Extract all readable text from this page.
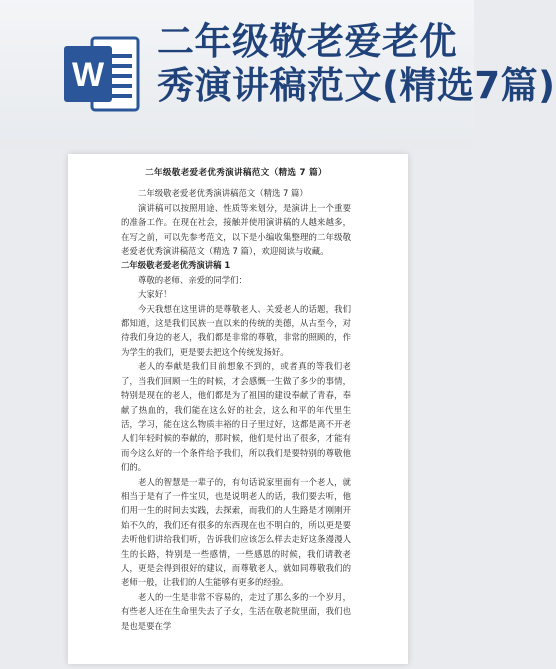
W
二年级敬老爱老优
秀演讲稿范文(精选7篇)
二年级敬老爱老优秀演讲稿范文（精选 7 篇）

二年级敬老爱老优秀演讲稿范文（精选 7 篇）

演讲稿可以按照用途、性质等来划分，是演讲上一个重要的准备工作。在现在社会，接触并使用演讲稿的人越来越多，在写之前，可以先参考范文，以下是小编收集整理的二年级敬老爱老优秀演讲稿范文（精选 7 篇），欢迎阅读与收藏。

二年级敬老爱老优秀演讲稿 1

尊敬的老师、亲爱的同学们：

大家好！

今天我想在这里讲的是尊敬老人、关爱老人的话题，我们都知道，这是我们民族一直以来的传统的美德，从古至今，对待我们身边的老人，我们都是非常的尊敬，非常的照顾的，作为学生的我们，更是要去把这个传统发扬好。

老人的奉献是我们目前想象不到的，或者真的等我们老了，当我们回顾一生的时候，才会感慨一生做了多少的事情，特别是现在的老人，他们都是为了祖国的建设奉献了青春，奉献了热血的，我们能在这么好的社会，这么和平的年代里生活，学习，能在这么物质丰裕的日子里过好，这都是离不开老人们年轻时候的奉献的，那时候，他们是付出了很多，才能有而今这么好的一个条件给予我们，所以我们是要特别的尊敬他们的。

老人的智慧是一辈子的，有句话说家里面有一个老人，就相当于是有了一件宝贝，也是说明老人的话，我们要去听，他们用一生的时间去实践，去探索，而我们的人生路是才刚刚开始不久的，我们还有很多的东西现在也不明白的，所以更是要去听他们讲给我们听，告诉我们应该怎么样去走好这条漫漫人生的长路，特别是一些感情，一些感恩的时候，我们请教老人，更是会得到很好的建议，而尊敬老人，就如同尊敬我们的老师一般，让我们的人生能够有更多的经验。

老人的一生是非常不容易的，走过了那么多的一个岁月，有些老人还在生命里失去了子女，生活在敬老院里面，我们也是也是要在学
